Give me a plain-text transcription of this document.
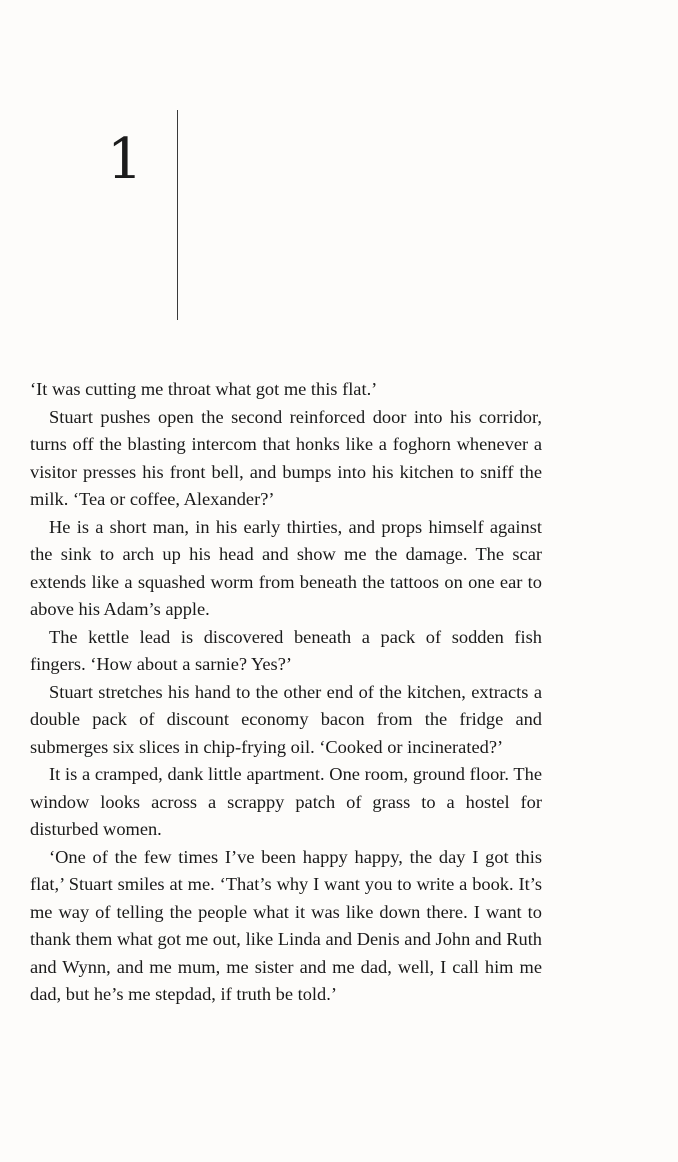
1

‘It was cutting me throat what got me this flat.’

Stuart pushes open the second reinforced door into his corridor, turns off the blasting intercom that honks like a foghorn whenever a visitor presses his front bell, and bumps into his kitchen to sniff the milk. ‘Tea or coffee, Alexander?’

He is a short man, in his early thirties, and props himself against the sink to arch up his head and show me the damage. The scar extends like a squashed worm from beneath the tattoos on one ear to above his Adam’s apple.

The kettle lead is discovered beneath a pack of sodden fish fingers. ‘How about a sarnie? Yes?’

Stuart stretches his hand to the other end of the kitchen, extracts a double pack of discount economy bacon from the fridge and submerges six slices in chip-frying oil. ‘Cooked or incinerated?’

It is a cramped, dank little apartment. One room, ground floor. The window looks across a scrappy patch of grass to a hostel for disturbed women.

‘One of the few times I’ve been happy happy, the day I got this flat,’ Stuart smiles at me. ‘That’s why I want you to write a book. It’s me way of telling the people what it was like down there. I want to thank them what got me out, like Linda and Denis and John and Ruth and Wynn, and me mum, me sister and me dad, well, I call him me dad, but he’s me stepdad, if truth be told.’
